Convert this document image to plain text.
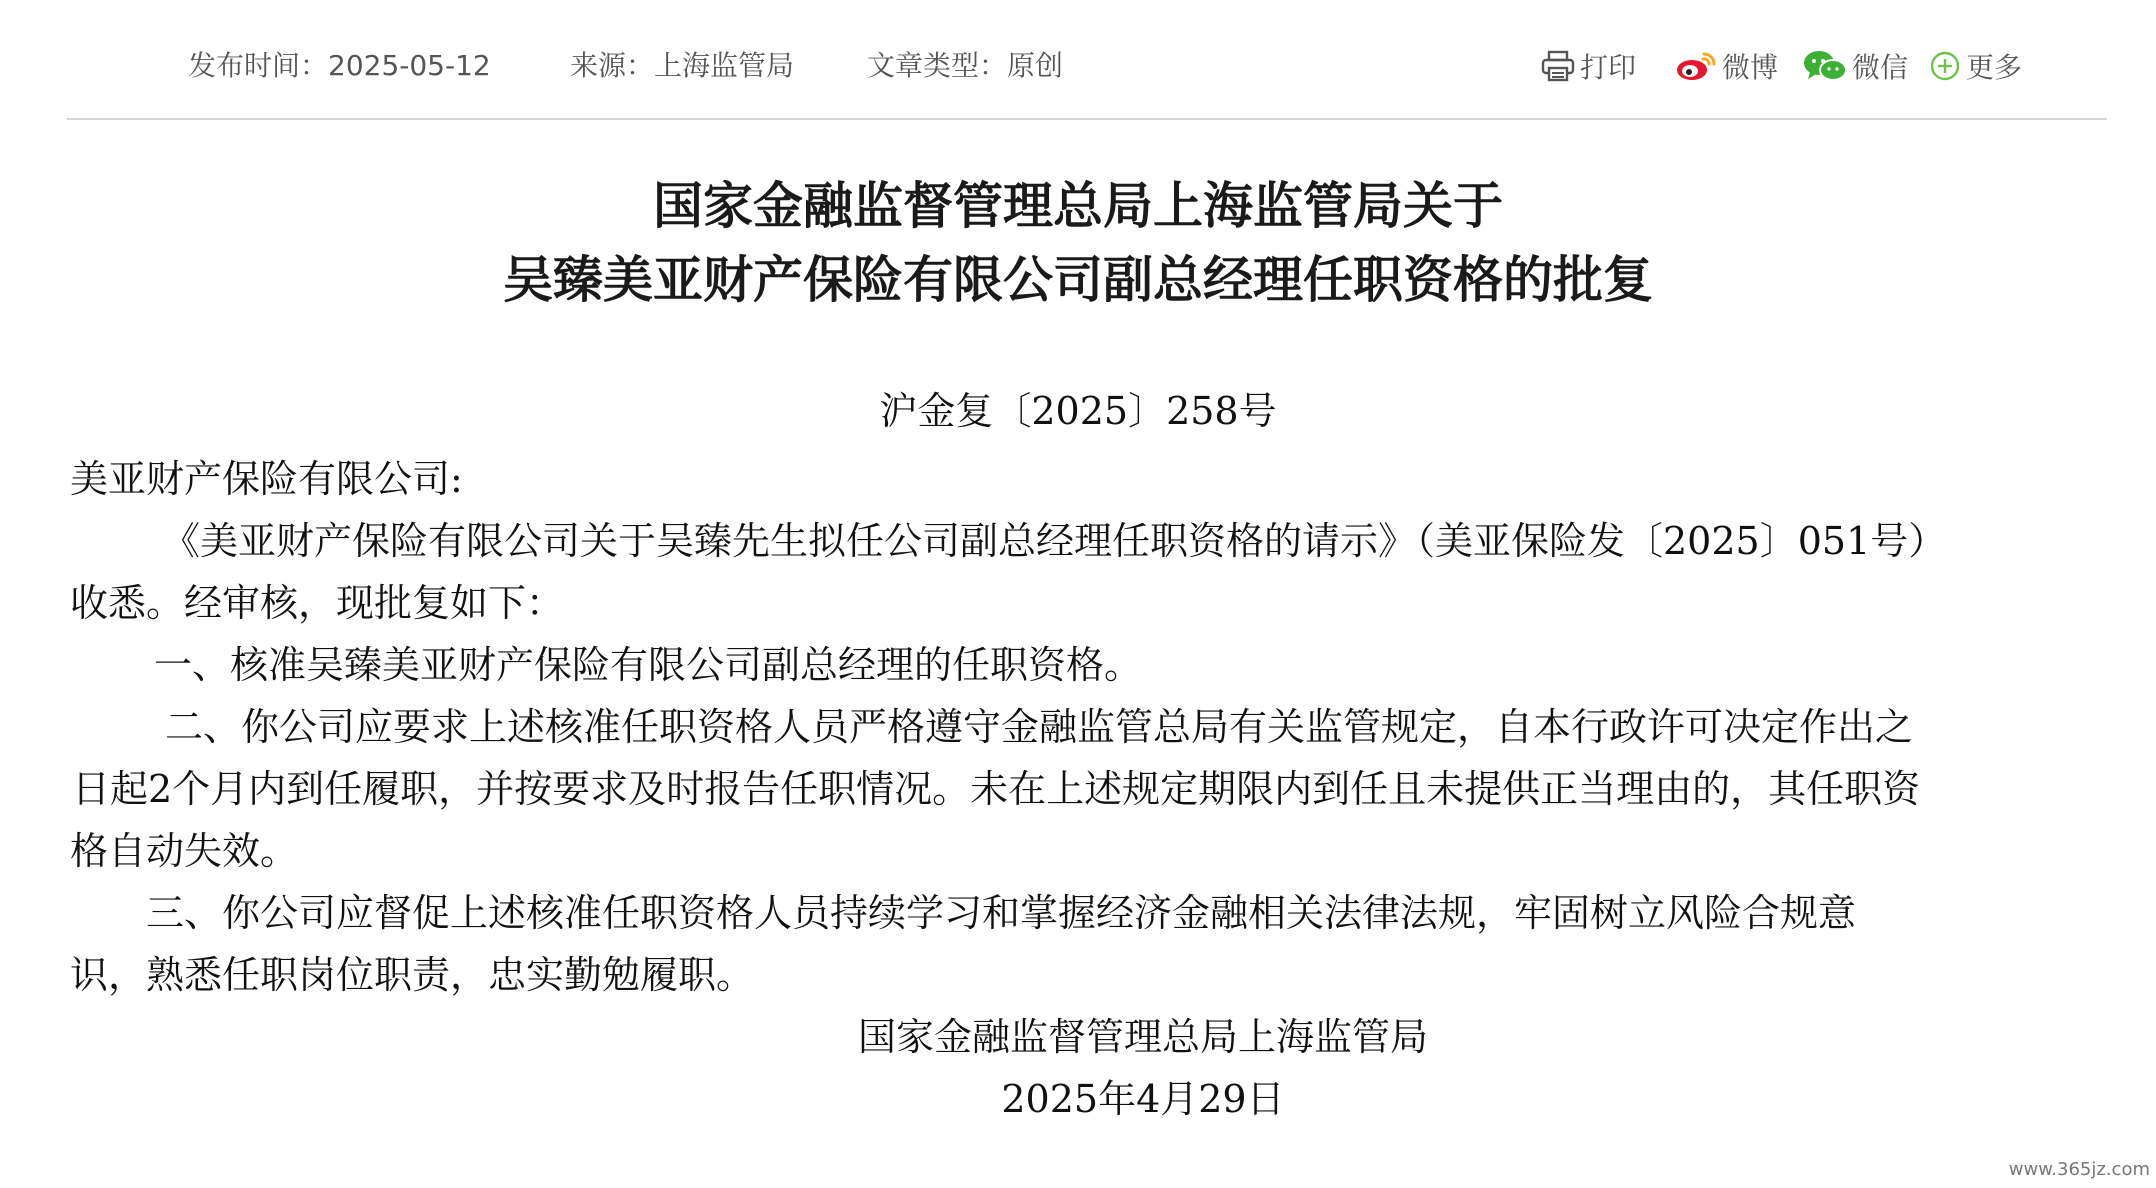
发布时间：2025-05-12	来源：上海监管局	文章类型：原创	打印	微博	微信 更多
国家金融监督管理总局上海监管局关于
吴臻美亚财产保险有限公司副总经理任职资格的批复
沪金复〔2025〕258号
美亚财产保险有限公司:
《美亚财产保险有限公司关于吴臻先生拟任公司副总经理任职资格的请示》（美亚保险发〔2025〕051号）
收悉。经审核，现批复如下：
一、核准吴臻美亚财产保险有限公司副总经理的任职资格。
二、你公司应要求上述核准任职资格人员严格遵守金融监管总局有关监管规定，自本行政许可决定作出之
日起2个月内到任履职，并按要求及时报告任职情况。未在上述规定期限内到任且未提供正当理由的，其任职资
格自动失效。
三、你公司应督促上述核准任职资格人员持续学习和掌握经济金融相关法律法规，牢固树立风险合规意
识，熟悉任职岗位职责，忠实勤勉履职。
国家金融监督管理总局上海监管局
2025年4月29日
www.365jz.com
